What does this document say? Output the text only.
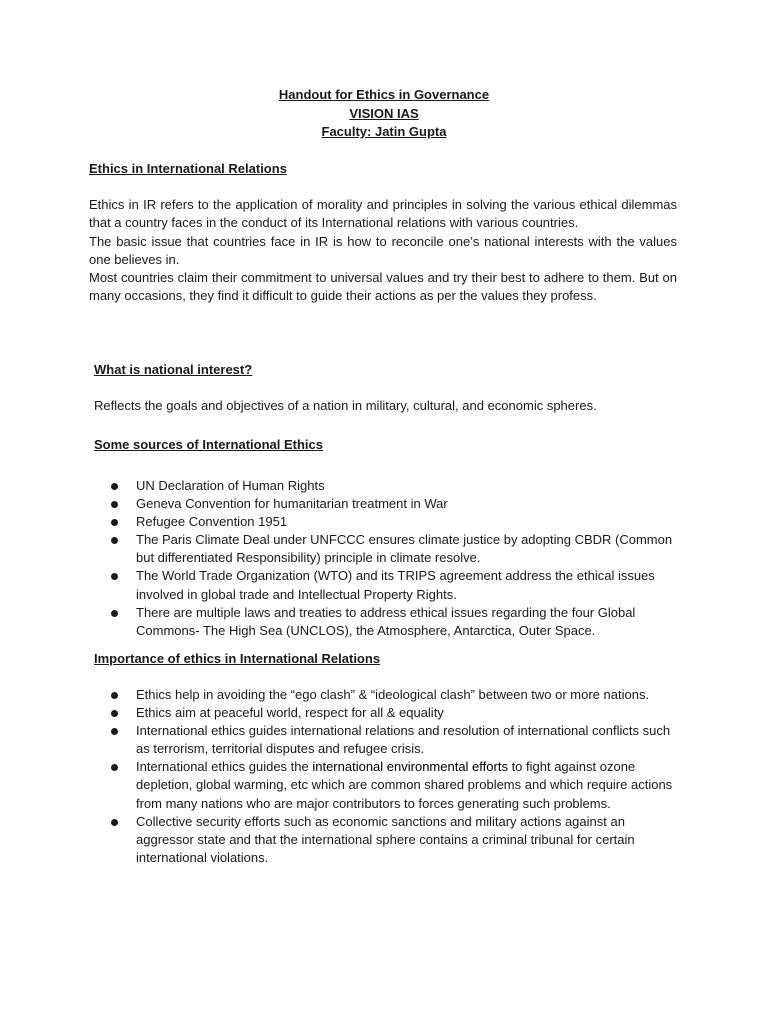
Handout for Ethics in Governance
VISION IAS
Faculty: Jatin Gupta
Ethics in International Relations

Ethics in IR refers to the application of morality and principles in solving the various ethical dilemmas that a country faces in the conduct of its International relations with various countries.

The basic issue that countries face in IR is how to reconcile one’s national interests with the values one believes in.

Most countries claim their commitment to universal values and try their best to adhere to them. But on many occasions, they find it difficult to guide their actions as per the values they profess.

What is national interest?
Reflects the goals and objectives of a nation in military, cultural, and economic spheres.
Some sources of International Ethics
UN Declaration of Human Rights
Geneva Convention for humanitarian treatment in War
Refugee Convention 1951
The Paris Climate Deal under UNFCCC ensures climate justice by adopting CBDR (Common but differentiated Responsibility) principle in climate resolve.
The World Trade Organization (WTO) and its TRIPS agreement address the ethical issues involved in global trade and Intellectual Property Rights.
There are multiple laws and treaties to address ethical issues regarding the four Global Commons- The High Sea (UNCLOS), the Atmosphere, Antarctica, Outer Space.
Importance of ethics in International Relations
Ethics help in avoiding the “ego clash” & “ideological clash” between two or more nations.
Ethics aim at peaceful world, respect for all & equality
International ethics guides international relations and resolution of international conflicts such as terrorism, territorial disputes and refugee crisis.
International ethics guides the international environmental efforts to fight against ozone depletion, global warming, etc which are common shared problems and which require actions from many nations who are major contributors to forces generating such problems.
Collective security efforts such as economic sanctions and military actions against an aggressor state and that the international sphere contains a criminal tribunal for certain international violations.
